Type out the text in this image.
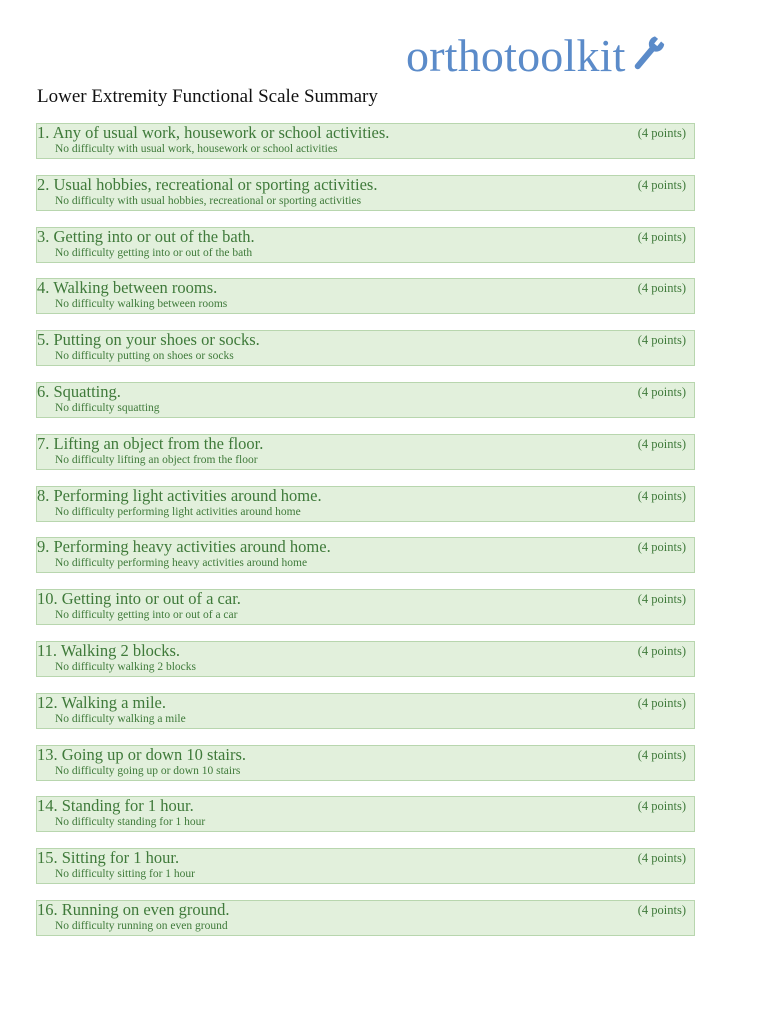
orthotoolkit
Lower Extremity Functional Scale Summary
1. Any of usual work, housework or school activities.	(4 points)
No difficulty with usual work, housework or school activities
2. Usual hobbies, recreational or sporting activities.	(4 points)
No difficulty with usual hobbies, recreational or sporting activities
3. Getting into or out of the bath.	(4 points)
No difficulty getting into or out of the bath
4. Walking between rooms.	(4 points)
No difficulty walking between rooms
5. Putting on your shoes or socks.	(4 points)
No difficulty putting on shoes or socks
6. Squatting.	(4 points)
No difficulty squatting
7. Lifting an object from the floor.	(4 points)
No difficulty lifting an object from the floor
8. Performing light activities around home.	(4 points)
No difficulty performing light activities around home
9. Performing heavy activities around home.	(4 points)
No difficulty performing heavy activities around home
10. Getting into or out of a car.	(4 points)
No difficulty getting into or out of a car
11. Walking 2 blocks.	(4 points)
No difficulty walking 2 blocks
12. Walking a mile.	(4 points)
No difficulty walking a mile
13. Going up or down 10 stairs.	(4 points)
No difficulty going up or down 10 stairs
14. Standing for 1 hour.	(4 points)
No difficulty standing for 1 hour
15. Sitting for 1 hour.	(4 points)
No difficulty sitting for 1 hour
16. Running on even ground.	(4 points)
No difficulty running on even ground
